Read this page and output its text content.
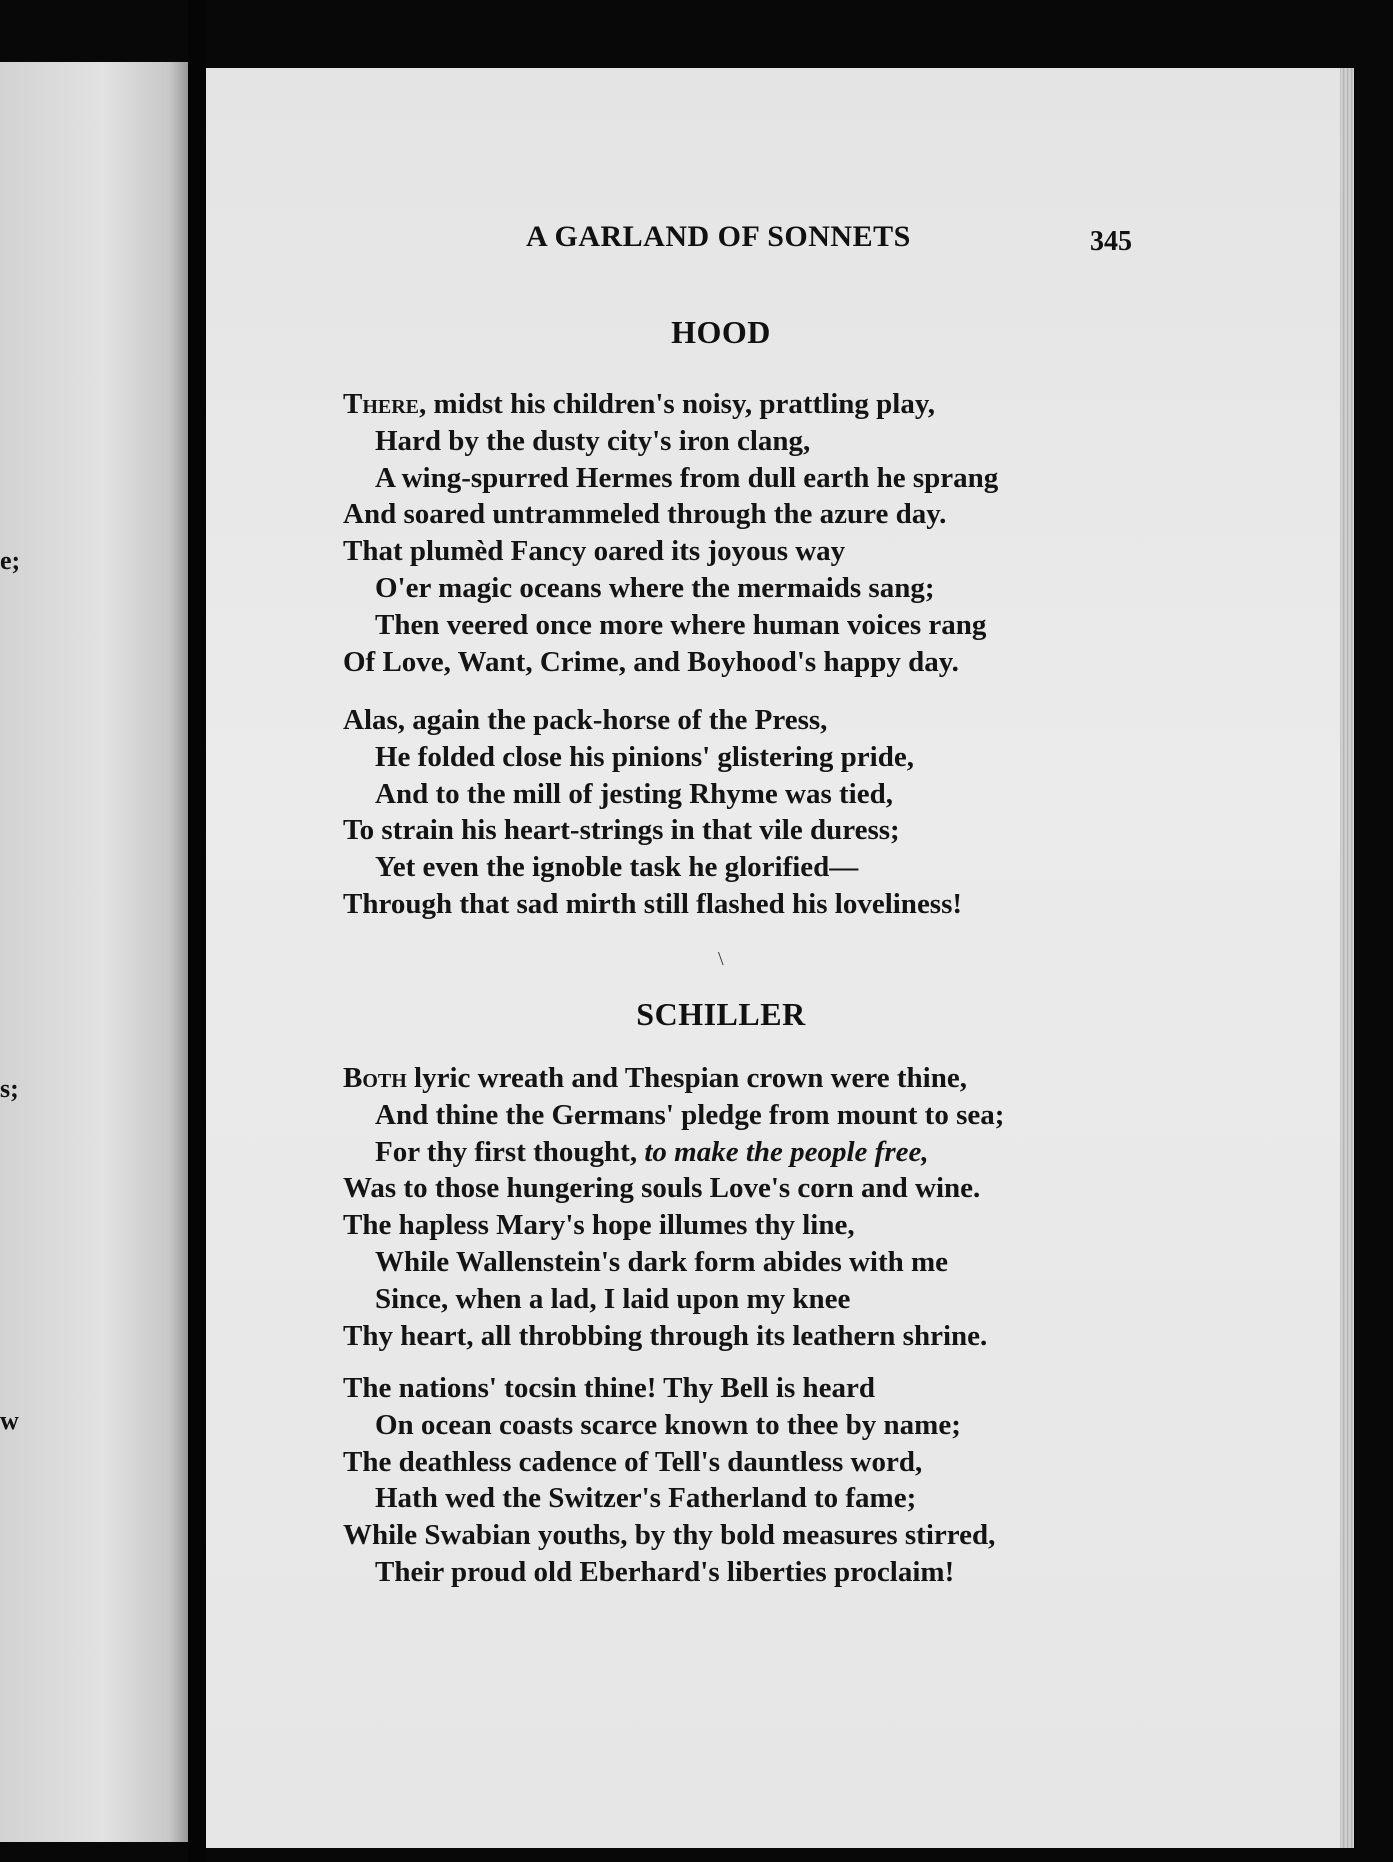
e;
s;
w
A GARLAND OF SONNETS	345
HOOD
There, midst his children's noisy, prattling play,
Hard by the dusty city's iron clang,
A wing-spurred Hermes from dull earth he sprang
And soared untrammeled through the azure day.
That plumèd Fancy oared its joyous way
O'er magic oceans where the mermaids sang;
Then veered once more where human voices rang
Of Love, Want, Crime, and Boyhood's happy day.
Alas, again the pack-horse of the Press,
He folded close his pinions' glistering pride,
And to the mill of jesting Rhyme was tied,
To strain his heart-strings in that vile duress;
Yet even the ignoble task he glorified—
Through that sad mirth still flashed his loveliness!
\
SCHILLER
Both lyric wreath and Thespian crown were thine,
And thine the Germans' pledge from mount to sea;
For thy first thought, to make the people free,
Was to those hungering souls Love's corn and wine.
The hapless Mary's hope illumes thy line,
While Wallenstein's dark form abides with me
Since, when a lad, I laid upon my knee
Thy heart, all throbbing through its leathern shrine.
The nations' tocsin thine! Thy Bell is heard
On ocean coasts scarce known to thee by name;
The deathless cadence of Tell's dauntless word,
Hath wed the Switzer's Fatherland to fame;
While Swabian youths, by thy bold measures stirred,
Their proud old Eberhard's liberties proclaim!
